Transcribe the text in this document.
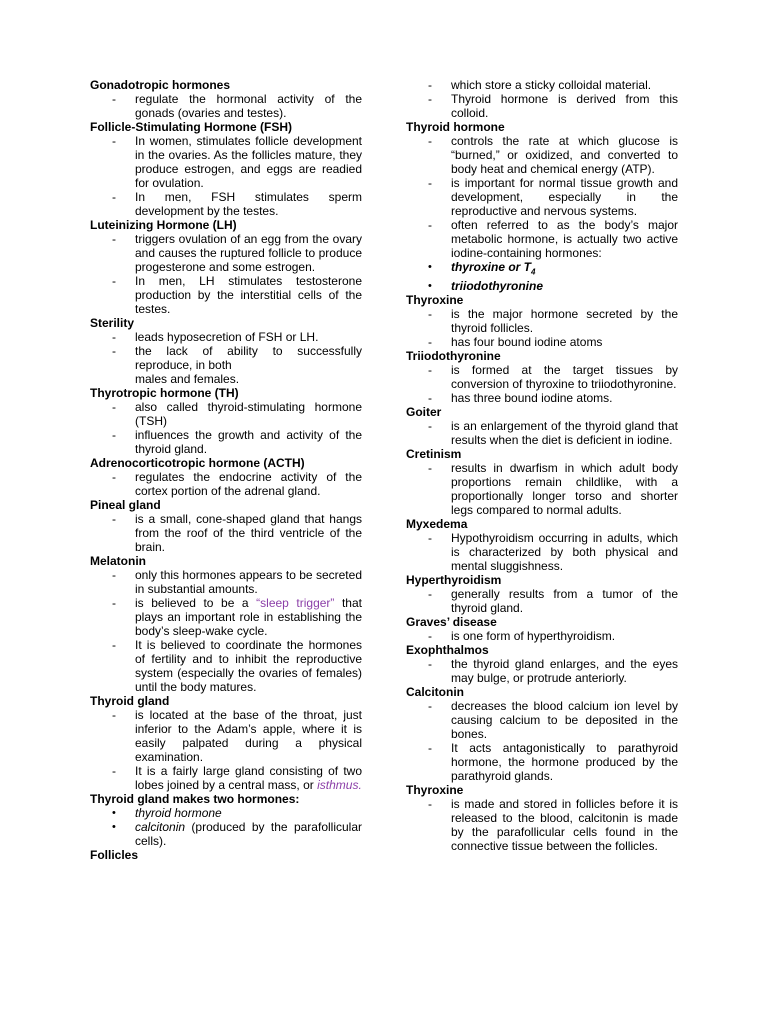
Gonadotropic hormones
- regulate the hormonal activity of the gonads (ovaries and testes).
Follicle-Stimulating Hormone (FSH)
- In women, stimulates follicle development in the ovaries. As the follicles mature, they produce estrogen, and eggs are readied for ovulation.
- In men, FSH stimulates sperm development by the testes.
Luteinizing Hormone (LH)
- triggers ovulation of an egg from the ovary and causes the ruptured follicle to produce progesterone and some estrogen.
- In men, LH stimulates testosterone production by the interstitial cells of the testes.
Sterility
- leads hyposecretion of FSH or LH.
- the lack of ability to successfully reproduce, in both
males and females.
Thyrotropic hormone (TH)
- also called thyroid-stimulating hormone (TSH)
- influences the growth and activity of the thyroid gland.
Adrenocorticotropic hormone (ACTH)
- regulates the endocrine activity of the cortex portion of the adrenal gland.
Pineal gland
- is a small, cone-shaped gland that hangs from the roof of the third ventricle of the brain.
Melatonin
- only this hormones appears to be secreted in substantial amounts.
- is believed to be a “sleep trigger” that plays an important role in establishing the body’s sleep-wake cycle.
- It is believed to coordinate the hormones of fertility and to inhibit the reproductive system (especially the ovaries of females) until the body matures.
Thyroid gland
- is located at the base of the throat, just inferior to the Adam’s apple, where it is easily palpated during a physical examination.
- It is a fairly large gland consisting of two lobes joined by a central mass, or isthmus.
Thyroid gland makes two hormones:
• thyroid hormone
• calcitonin (produced by the parafollicular cells).
Follicles
- which store a sticky colloidal material.
- Thyroid hormone is derived from this colloid.
Thyroid hormone
- controls the rate at which glucose is “burned,” or oxidized, and converted to body heat and chemical energy (ATP).
- is important for normal tissue growth and development, especially in the reproductive and nervous systems.
- often referred to as the body’s major metabolic hormone, is actually two active iodine-containing hormones:
• thyroxine or $T_4$
• triiodothyronine
Thyroxine
- is the major hormone secreted by the thyroid follicles.
- has four bound iodine atoms
Triiodothyronine
- is formed at the target tissues by conversion of thyroxine to triiodothyronine.
- has three bound iodine atoms.
Goiter
- is an enlargement of the thyroid gland that results when the diet is deficient in iodine.
Cretinism
- results in dwarfism in which adult body proportions remain childlike, with a proportionally longer torso and shorter legs compared to normal adults.
Myxedema
- Hypothyroidism occurring in adults, which is characterized by both physical and mental sluggishness.
Hyperthyroidism
- generally results from a tumor of the thyroid gland.
Graves’ disease
- is one form of hyperthyroidism.
Exophthalmos
- the thyroid gland enlarges, and the eyes may bulge, or protrude anteriorly.
Calcitonin
- decreases the blood calcium ion level by causing calcium to be deposited in the bones.
- It acts antagonistically to parathyroid hormone, the hormone produced by the parathyroid glands.
Thyroxine
- is made and stored in follicles before it is released to the blood, calcitonin is made by the parafollicular cells found in the connective tissue between the follicles.
